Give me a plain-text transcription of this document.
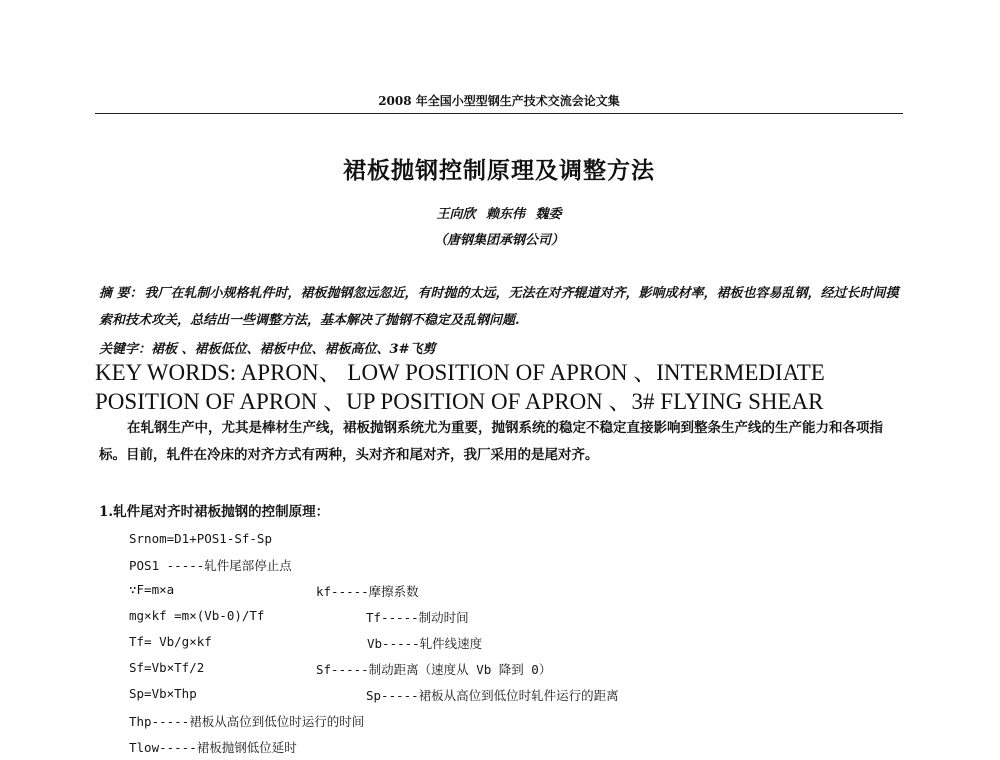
2008 年全国小型型钢生产技术交流会论文集
裙板抛钢控制原理及调整方法
王向欣 赖东伟 魏委
（唐钢集团承钢公司）
摘 要： 我厂在轧制小规格轧件时，裙板抛钢忽远忽近，有时抛的太远，无法在对齐辊道对齐，影响成材率，裙板也容易乱钢，经过长时间摸索和技术攻关，总结出一些调整方法，基本解决了抛钢不稳定及乱钢问题.
关键字：裙板 、裙板低位、裙板中位、裙板高位、3#飞剪
KEY WORDS: APRON、 LOW POSITION OF APRON 、INTERMEDIATE POSITION OF APRON 、UP POSITION OF APRON 、3# FLYING SHEAR
在轧钢生产中，尤其是棒材生产线，裙板抛钢系统尤为重要，抛钢系统的稳定不稳定直接影响到整条生产线的生产能力和各项指标。目前，轧件在冷床的对齐方式有两种，头对齐和尾对齐，我厂采用的是尾对齐。
1.轧件尾对齐时裙板抛钢的控制原理：
Srnom=D1+POS1-Sf-Sp
POS1 -----轧件尾部停止点
∵F=m×a	kf-----摩擦系数
mg×kf =m×(Vb-0)/Tf	Tf-----制动时间
Tf= Vb/g×kf	Vb-----轧件线速度
Sf=Vb×Tf/2	Sf-----制动距离（速度从 Vb 降到 0）
Sp=Vb×Thp	Sp-----裙板从高位到低位时轧件运行的距离
Thp-----裙板从高位到低位时运行的时间
Tlow-----裙板抛钢低位延时
